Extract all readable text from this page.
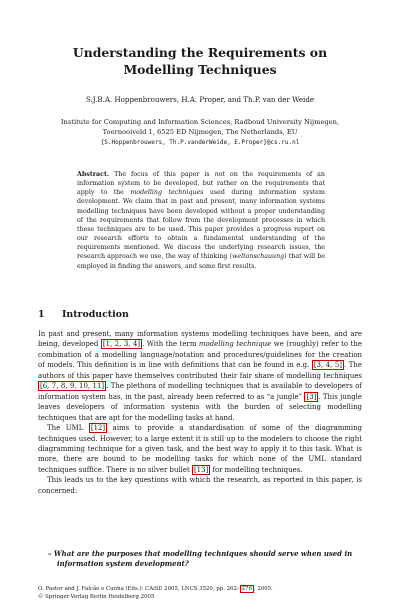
Understanding the Requirements on
Modelling Techniques
S.J.B.A. Hoppenbrouwers, H.A. Proper, and Th.P. van der Weide
Institute for Computing and Information Sciences, Radboud University Nijmegen,
Toernooiveld 1, 6525 ED Nijmegen, The Netherlands, EU
{S.Hoppenbrouwers, Th.P.vanderWeide, E.Proper}@cs.ru.nl
Abstract. The focus of this paper is not on the requirements of an information system to be developed, but rather on the requirements that apply to the modelling techniques used during information system development. We claim that in past and present, many information systems modelling techniques have been developed without a proper understanding of the requirements that follow from the development processes in which these techniques are to be used. This paper provides a progress report on our research efforts to obtain a fundamental understanding of the requirements mentioned. We discuss the underlying research issues, the research approach we use, the way of thinking (weltanschauung) that will be employed in finding the answers, and some first results.
1 Introduction

In past and present, many information systems modelling techniques have been, and are being, developed [1, 2, 3, 4] . With the term modelling technique we (roughly) refer to the combination of a modelling language/notation and procedures/guidelines for the creation of models. This definition is in line with definitions that can be found in e.g. [3, 4, 5] . The authors of this paper have themselves contributed their fair share of modelling techniques [6, 7, 8, 9, 10, 11] . The plethora of modelling techniques that is available to developers of information system has, in the past, already been referred to as “a jungle” [3] . This jungle leaves developers of information systems with the burden of selecting modelling techniques that are apt for the modelling tasks at hand.

The UML [12] aims to provide a standardisation of some of the diagramming techniques used. However, to a large extent it is still up to the modelers to choose the right diagramming technique for a given task, and the best way to apply it to this task. What is more, there are bound to be modelling tasks for which none of the UML standard techniques suffice. There is no silver bullet [13] for modelling techniques.

This leads us to the key questions with which the research, as reported in this paper, is concerned:

– What are the purposes that modelling techniques should serve when used in information system development?
O. Pastor and J. Falcão e Cunha (Eds.): CAiSE 2005, LNCS 3520, pp. 262– 276 , 2005.
© Springer-Verlag Berlin Heidelberg 2005
